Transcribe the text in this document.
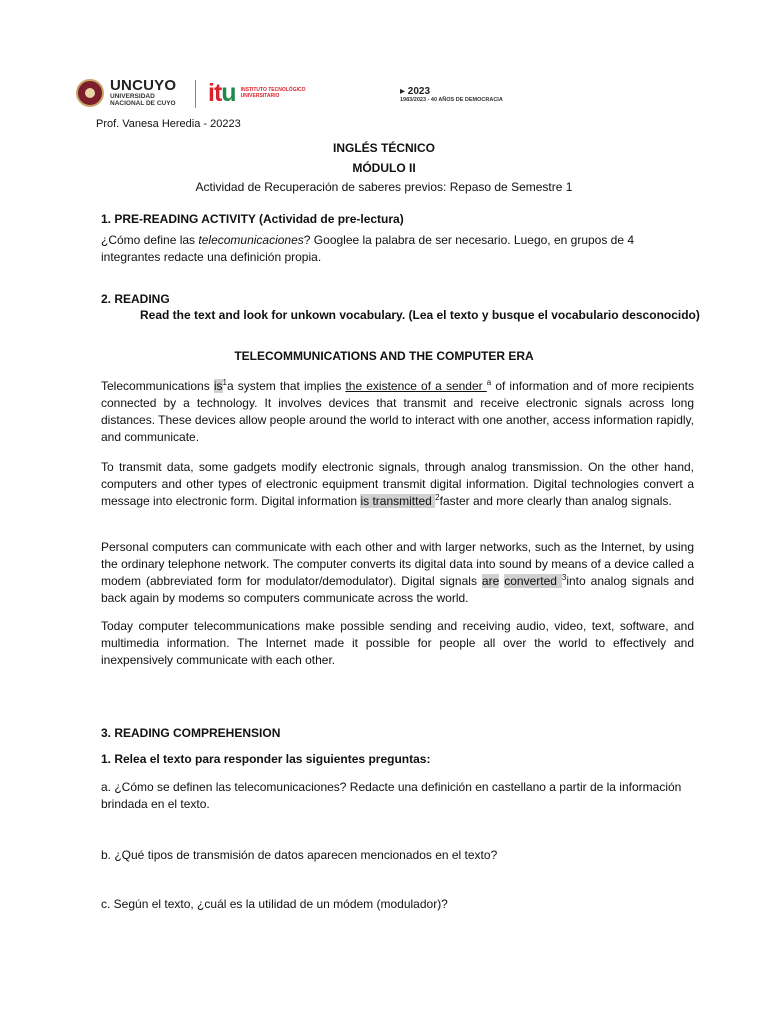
UNCUYO
UNIVERSIDAD
NACIONAL DE CUYO itu INSTITUTO TECNOLÓGICO
UNIVERSITARIO	▸ 2023
1983/2023 - 40 AÑOS DE DEMOCRACIA
Prof. Vanesa Heredia - 20223
INGLÉS TÉCNICO
MÓDULO II
Actividad de Recuperación de saberes previos: Repaso de Semestre 1
1. PRE-READING ACTIVITY (Actividad de pre-lectura)

¿Cómo define las telecomunicaciones? Googlee la palabra de ser necesario. Luego, en grupos de 4 integrantes redacte una definición propia.

2. READING
Read the text and look for unkown vocabulary. (Lea el texto y busque el vocabulario desconocido)
TELECOMMUNICATIONS AND THE COMPUTER ERA

Telecommunications $is^1a$ system that implies the existence of a sender $^a$ of information and of more recipients connected by a technology. It involves devices that transmit and receive electronic signals across long distances. These devices allow people around the world to interact with one another, access information rapidly, and communicate.

To transmit data, some gadgets modify electronic signals, through analog transmission. On the other hand, computers and other types of electronic equipment transmit digital information. Digital technologies convert a message into electronic form. Digital information is transmitted $^2$faster and more clearly than analog signals.

Personal computers can communicate with each other and with larger networks, such as the Internet, by using the ordinary telephone network. The computer converts its digital data into sound by means of a device called a modem (abbreviated form for modulator/demodulator). Digital signals are converted $^3$into analog signals and back again by modems so computers communicate across the world.

Today computer telecommunications make possible sending and receiving audio, video, text, software, and multimedia information. The Internet made it possible for people all over the world to effectively and inexpensively communicate with each other.

3. READING COMPREHENSION
1. Relea el texto para responder las siguientes preguntas:

a. ¿Cómo se definen las telecomunicaciones? Redacte una definición en castellano a partir de la información brindada en el texto.

b. ¿Qué tipos de transmisión de datos aparecen mencionados en el texto?

c. Según el texto, ¿cuál es la utilidad de un módem (modulador)?
